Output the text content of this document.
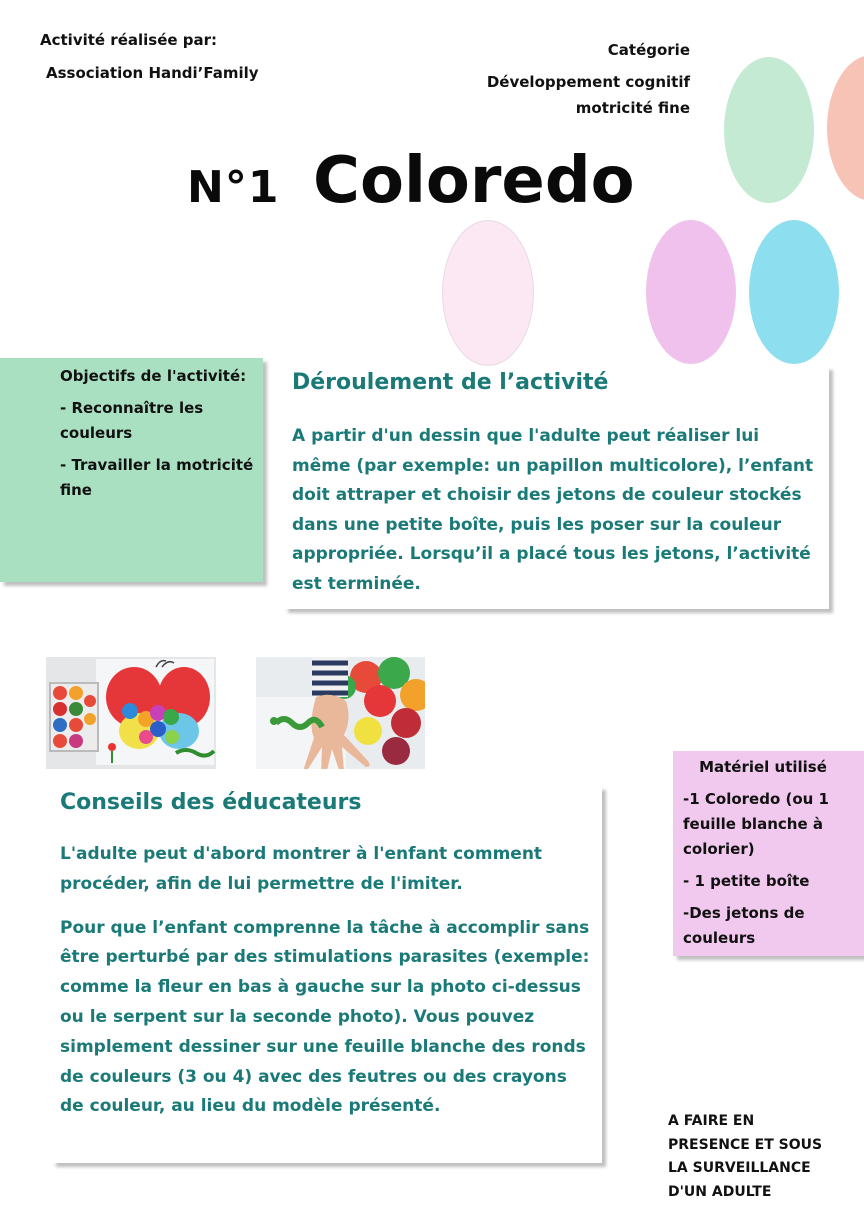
Activité réalisée par:
Association Handi’Family
Catégorie
Développement cognitif
motricité fine
N°1 Coloredo

Objectifs de l'activité:

- Reconnaître les couleurs

- Travailler la motricité fine

Déroulement de l’activité
A partir d'un dessin que l'adulte peut réaliser lui même (par exemple: un papillon multicolore), l’enfant doit attraper et choisir des jetons de couleur stockés dans une petite boîte, puis les poser sur la couleur appropriée. Lorsqu’il a placé tous les jetons, l’activité est terminée.
Conseils des éducateurs

L'adulte peut d'abord montrer à l'enfant comment procéder, afin de lui permettre de l'imiter.

Pour que l’enfant comprenne la tâche à accomplir sans être perturbé par des stimulations parasites (exemple: comme la fleur en bas à gauche sur la photo ci-dessus ou le serpent sur la seconde photo). Vous pouvez simplement dessiner sur une feuille blanche des ronds de couleurs (3 ou 4) avec des feutres ou des crayons de couleur, au lieu du modèle présenté.

Matériel utilisé

-1 Coloredo (ou 1 feuille blanche à colorier)

- 1 petite boîte

-Des jetons de couleurs

A FAIRE EN

PRESENCE ET SOUS

LA SURVEILLANCE

D'UN ADULTE
